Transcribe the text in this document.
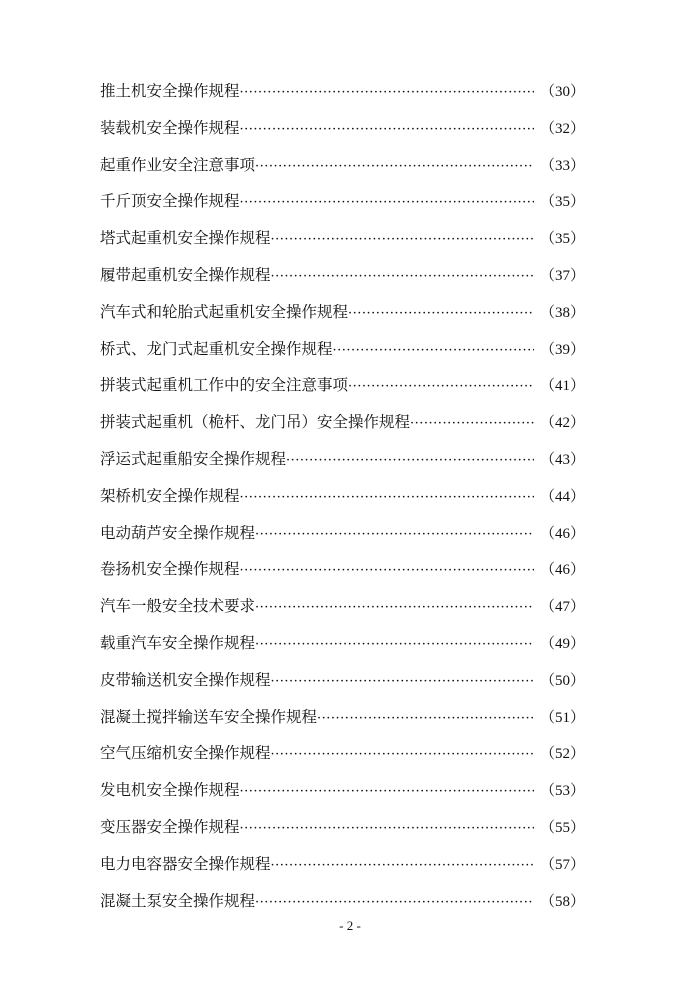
推土机安全操作规程 ·····	（30）
装载机安全操作规程 ·····	（32）
起重作业安全注意事项 ·····	（33）
千斤顶安全操作规程 ·····	（35）
塔式起重机安全操作规程 ·····	（35）
履带起重机安全操作规程 ·····	（37）
汽车式和轮胎式起重机安全操作规程 ·····	（38）
桥式、龙门式起重机安全操作规程 ·····	（39）
拼装式起重机工作中的安全注意事项 ·····	（41）
拼装式起重机（桅杆、龙门吊）安全操作规程 ·····	（42）
浮运式起重船安全操作规程 ·····	（43）
架桥机安全操作规程 ·····	（44）
电动葫芦安全操作规程 ·····	（46）
卷扬机安全操作规程 ·····	（46）
汽车一般安全技术要求 ·····	（47）
载重汽车安全操作规程 ·····	（49）
皮带输送机安全操作规程 ·····	（50）
混凝土搅拌输送车安全操作规程 ·····	（51）
空气压缩机安全操作规程 ·····	（52）
发电机安全操作规程 ·····	（53）
变压器安全操作规程 ·····	（55）
电力电容器安全操作规程 ·····	（57）
混凝土泵安全操作规程 ·····	（58）
- 2 -
